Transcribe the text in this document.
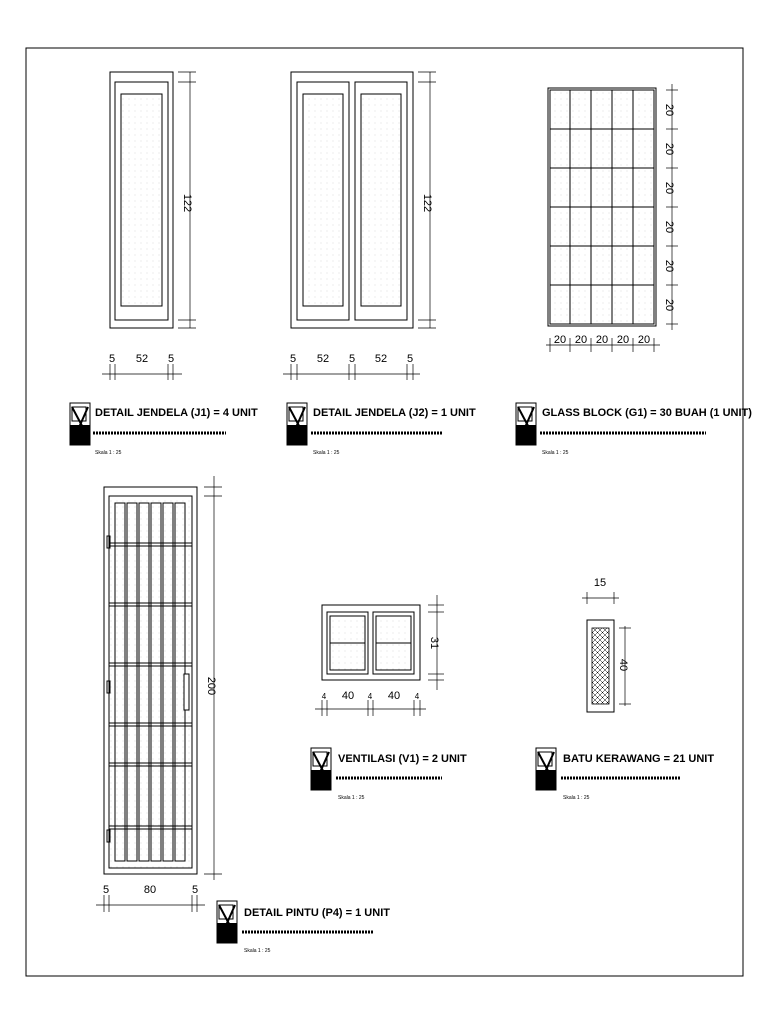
122
5 52 5
122
5 52 5 52 5
20
20
20
20
20
20
20 20 20 20 20
DETAIL JENDELA (J1) = 4 UNIT
Skala 1 : 25
DETAIL JENDELA (J2) = 1 UNIT
Skala 1 : 25
GLASS BLOCK (G1) = 30 BUAH (1 UNIT)
Skala 1 : 25
200
5	80	5
31
4 40 4 40 4
15
40
VENTILASI (V1) = 2 UNIT
Skala 1 : 25
BATU KERAWANG = 21 UNIT
Skala 1 : 25
DETAIL PINTU (P4) = 1 UNIT
Skala 1 : 25
